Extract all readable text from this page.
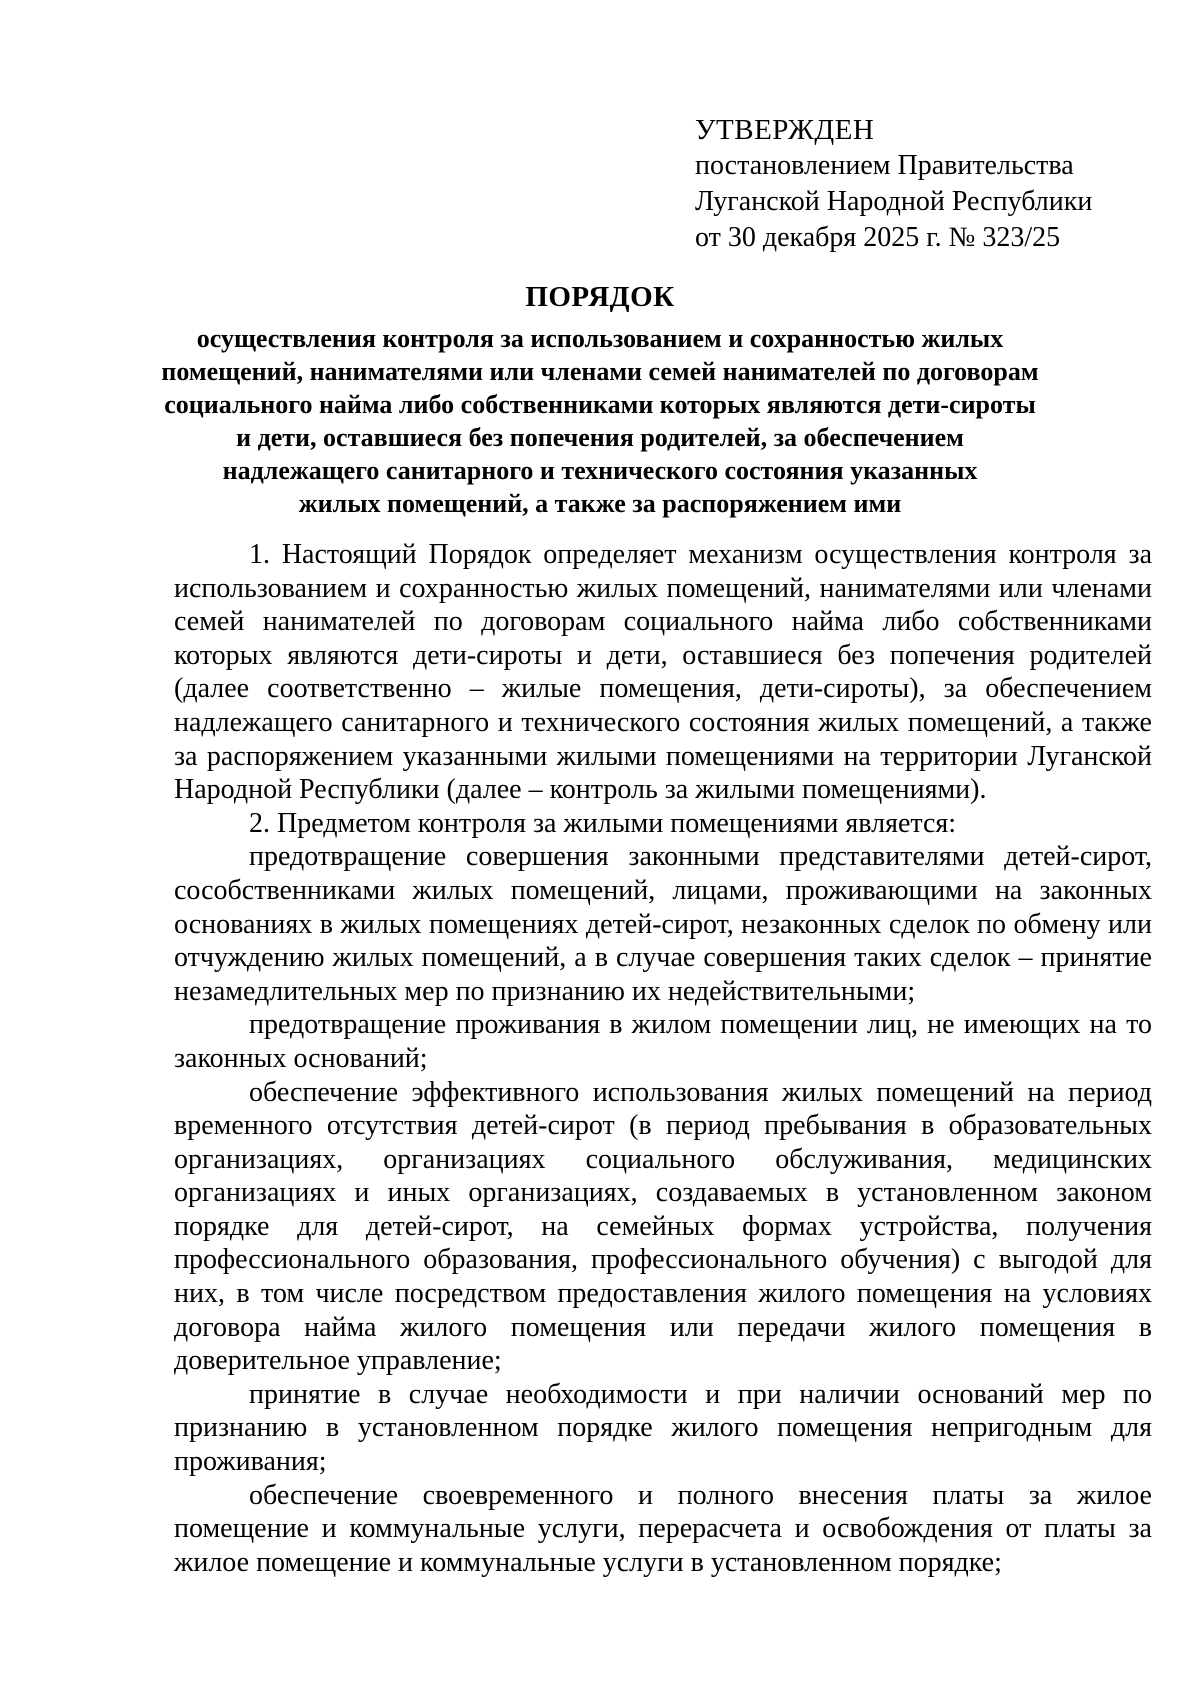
УТВЕРЖДЕН
постановлением Правительства
Луганской Народной Республики
от 30 декабря 2025 г. № 323/25
ПОРЯДОК
осуществления контроля за использованием и сохранностью жилых
помещений, нанимателями или членами семей нанимателей по договорам
социального найма либо собственниками которых являются дети-сироты
и дети, оставшиеся без попечения родителей, за обеспечением
надлежащего санитарного и технического состояния указанных
жилых помещений, а также за распоряжением ими

1. Настоящий Порядок определяет механизм осуществления контроля за использованием и сохранностью жилых помещений, нанимателями или членами семей нанимателей по договорам социального найма либо собственниками которых являются дети-сироты и дети, оставшиеся без попечения родителей (далее соответственно – жилые помещения, дети-сироты), за обеспечением надлежащего санитарного и технического состояния жилых помещений, а также за распоряжением указанными жилыми помещениями на территории Луганской Народной Республики (далее – контроль за жилыми помещениями).

2. Предметом контроля за жилыми помещениями является:

предотвращение совершения законными представителями детей-сирот, сособственниками жилых помещений, лицами, проживающими на законных основаниях в жилых помещениях детей-сирот, незаконных сделок по обмену или отчуждению жилых помещений, а в случае совершения таких сделок – принятие незамедлительных мер по признанию их недействительными;

предотвращение проживания в жилом помещении лиц, не имеющих на то законных оснований;

обеспечение эффективного использования жилых помещений на период временного отсутствия детей-сирот (в период пребывания в образовательных организациях, организациях социального обслуживания, медицинских организациях и иных организациях, создаваемых в установленном законом порядке для детей-сирот, на семейных формах устройства, получения профессионального образования, профессионального обучения) с выгодой для них, в том числе посредством предоставления жилого помещения на условиях договора найма жилого помещения или передачи жилого помещения в доверительное управление;

принятие в случае необходимости и при наличии оснований мер по признанию в установленном порядке жилого помещения непригодным для проживания;

обеспечение своевременного и полного внесения платы за жилое помещение и коммунальные услуги, перерасчета и освобождения от платы за жилое помещение и коммунальные услуги в установленном порядке;
